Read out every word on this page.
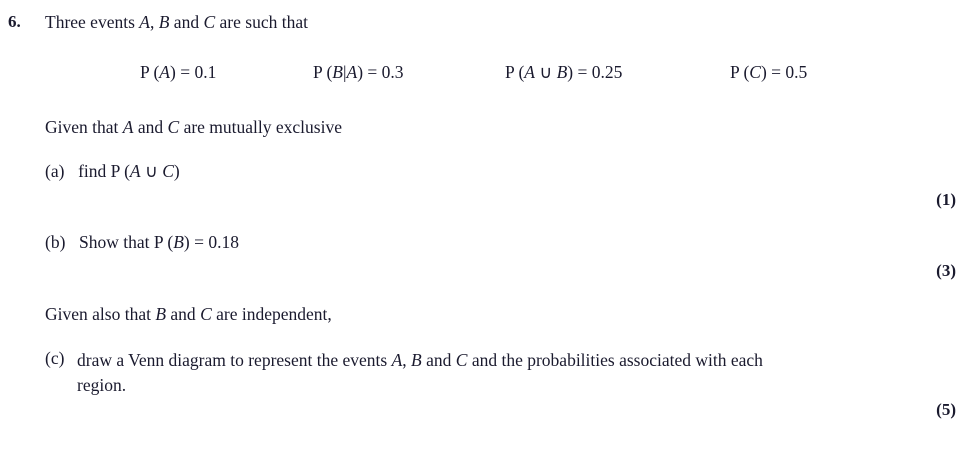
6. Three events A, B and C are such that
P (A) = 0.1	P (B|A) = 0.3	P (A ∪ B) = 0.25	P (C) = 0.5
Given that A and C are mutually exclusive
(a) find P (A ∪ C)
(1)
(b) Show that P (B) = 0.18
(3)
Given also that B and C are independent,
(c) draw a Venn diagram to represent the events A, B and C and the probabilities associated with each region.
(5)
